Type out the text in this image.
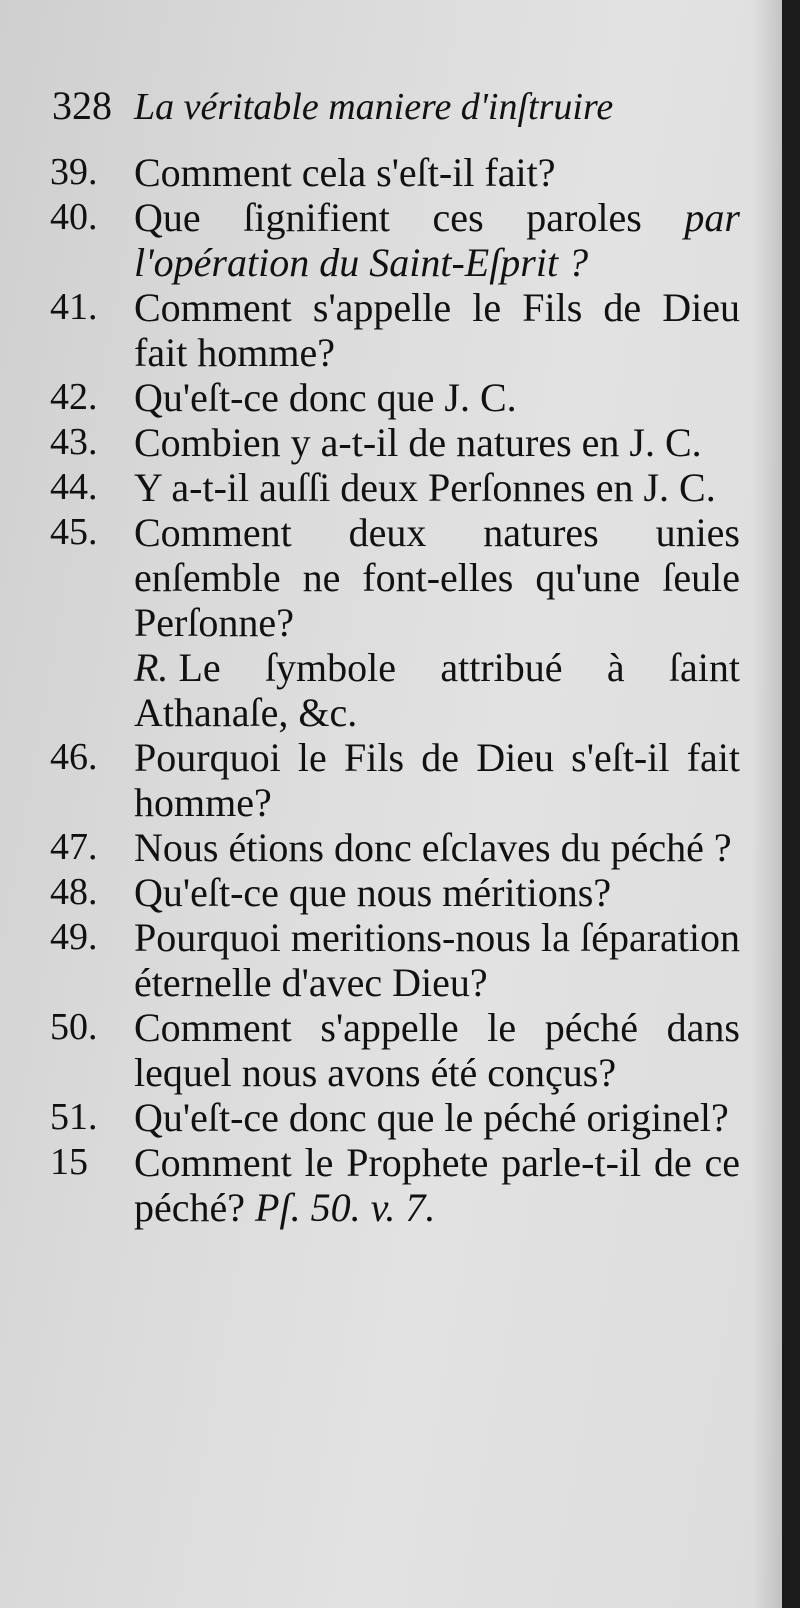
328 La véritable maniere d'inſtruire
39. Comment cela s'eſt-il fait?
40. Que ſignifient ces paroles par l'opération du Saint-Eſprit ?
41. Comment s'appelle le Fils de Dieu fait homme?
42. Qu'eſt-ce donc que J. C.
43. Combien y a-t-il de natures en J. C.
44. Y a-t-il auſſi deux Perſonnes en J. C.
45. Comment deux natures unies enſemble ne font-elles qu'une ſeule Perſonne?
R. Le ſymbole attribué à ſaint Athanaſe, &c.
46. Pourquoi le Fils de Dieu s'eſt-il fait homme?
47. Nous étions donc eſclaves du péché ?
48. Qu'eſt-ce que nous méritions?
49. Pourquoi meritions-nous la ſéparation éternelle d'avec Dieu?
50. Comment s'appelle le péché dans lequel nous avons été conçus?
51. Qu'eſt-ce donc que le péché originel?
15	Comment le Prophete parle-t-il de ce péché? Pſ. 50. v. 7.
